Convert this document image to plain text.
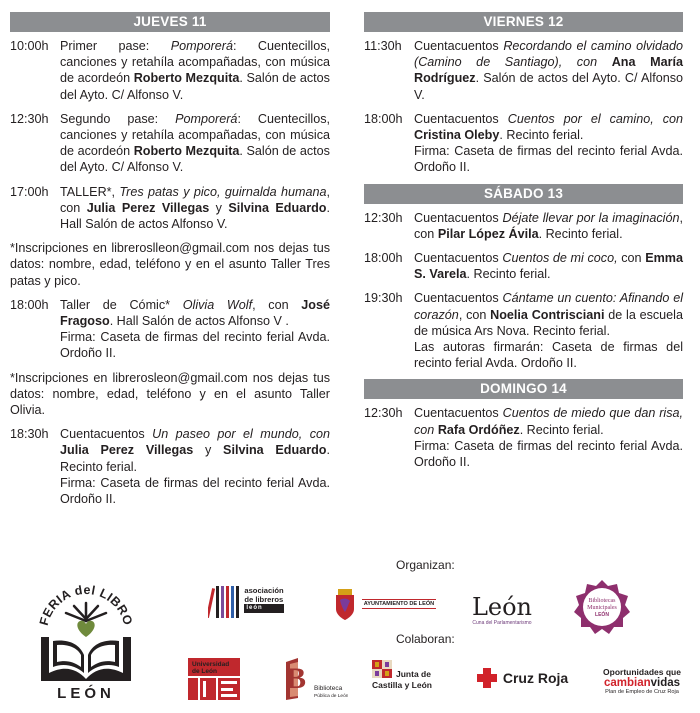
JUEVES 11
10:00h Primer pase: Pomporerá: Cuentecillos, canciones y retahíla acompañadas, con música de acordeón Roberto Mezquita. Salón de actos del Ayto. C/ Alfonso V.
12:30h Segundo pase: Pomporerá: Cuentecillos, canciones y retahíla acompañadas, con música de acordeón Roberto Mezquita. Salón de actos del Ayto. C/ Alfonso V.
17:00h TALLER*, Tres patas y pico, guirnalda humana, con Julia Perez Villegas y Silvina Eduardo. Hall Salón de actos Alfonso V.
*Inscripciones en libreroslleon@gmail.com nos dejas tus datos: nombre, edad, teléfono y en el asunto Taller Tres patas y pico.
18:00h Taller de Cómic* Olivia Wolf, con José Fragoso. Hall Salón de actos Alfonso V .
Firma: Caseta de firmas del recinto ferial Avda. Ordoño II.
*Inscripciones en librerosleon@gmail.com nos dejas tus datos: nombre, edad, teléfono y en el asunto Taller Olivia.
18:30h Cuentacuentos Un paseo por el mundo, con Julia Perez Villegas y Silvina Eduardo. Recinto ferial.
Firma: Caseta de firmas del recinto ferial Avda. Ordoño II.
VIERNES 12
11:30h Cuentacuentos Recordando el camino olvidado (Camino de Santiago), con Ana María Rodríguez. Salón de actos del Ayto. C/ Alfonso V.
18:00h Cuentacuentos Cuentos por el camino, con Cristina Oleby. Recinto ferial.
Firma: Caseta de firmas del recinto ferial Avda. Ordoño II.
SÁBADO 13
12:30h Cuentacuentos Déjate llevar por la imaginación, con Pilar López Ávila. Recinto ferial.
18:00h Cuentacuentos Cuentos de mi coco, con Emma S. Varela. Recinto ferial.
19:30h Cuentacuentos Cántame un cuento: Afinando el corazón, con Noelia Contrisciani de la escuela de música Ars Nova. Recinto ferial.
Las autoras firmarán: Caseta de firmas del recinto ferial Avda. Ordoño II.
DOMINGO 14
12:30h Cuentacuentos Cuentos de miedo que dan risa, con Rafa Ordóñez. Recinto ferial.
Firma: Caseta de firmas del recinto ferial Avda. Ordoño II.
Organizan:
Colaboran:
FERIA del LIBRO
LEÓN
asociación
de libreros
león
AYUNTAMIENTO DE LEÓN León
Cuna del Parlamentarismo
Bibliotecas
Municipales
LEÓN
Universidad
de León B Biblioteca
Pública de León
Junta de
Castilla y León	Cruz Roja	Oportunidades que
cambianvidas
Plan de Empleo de Cruz Roja
